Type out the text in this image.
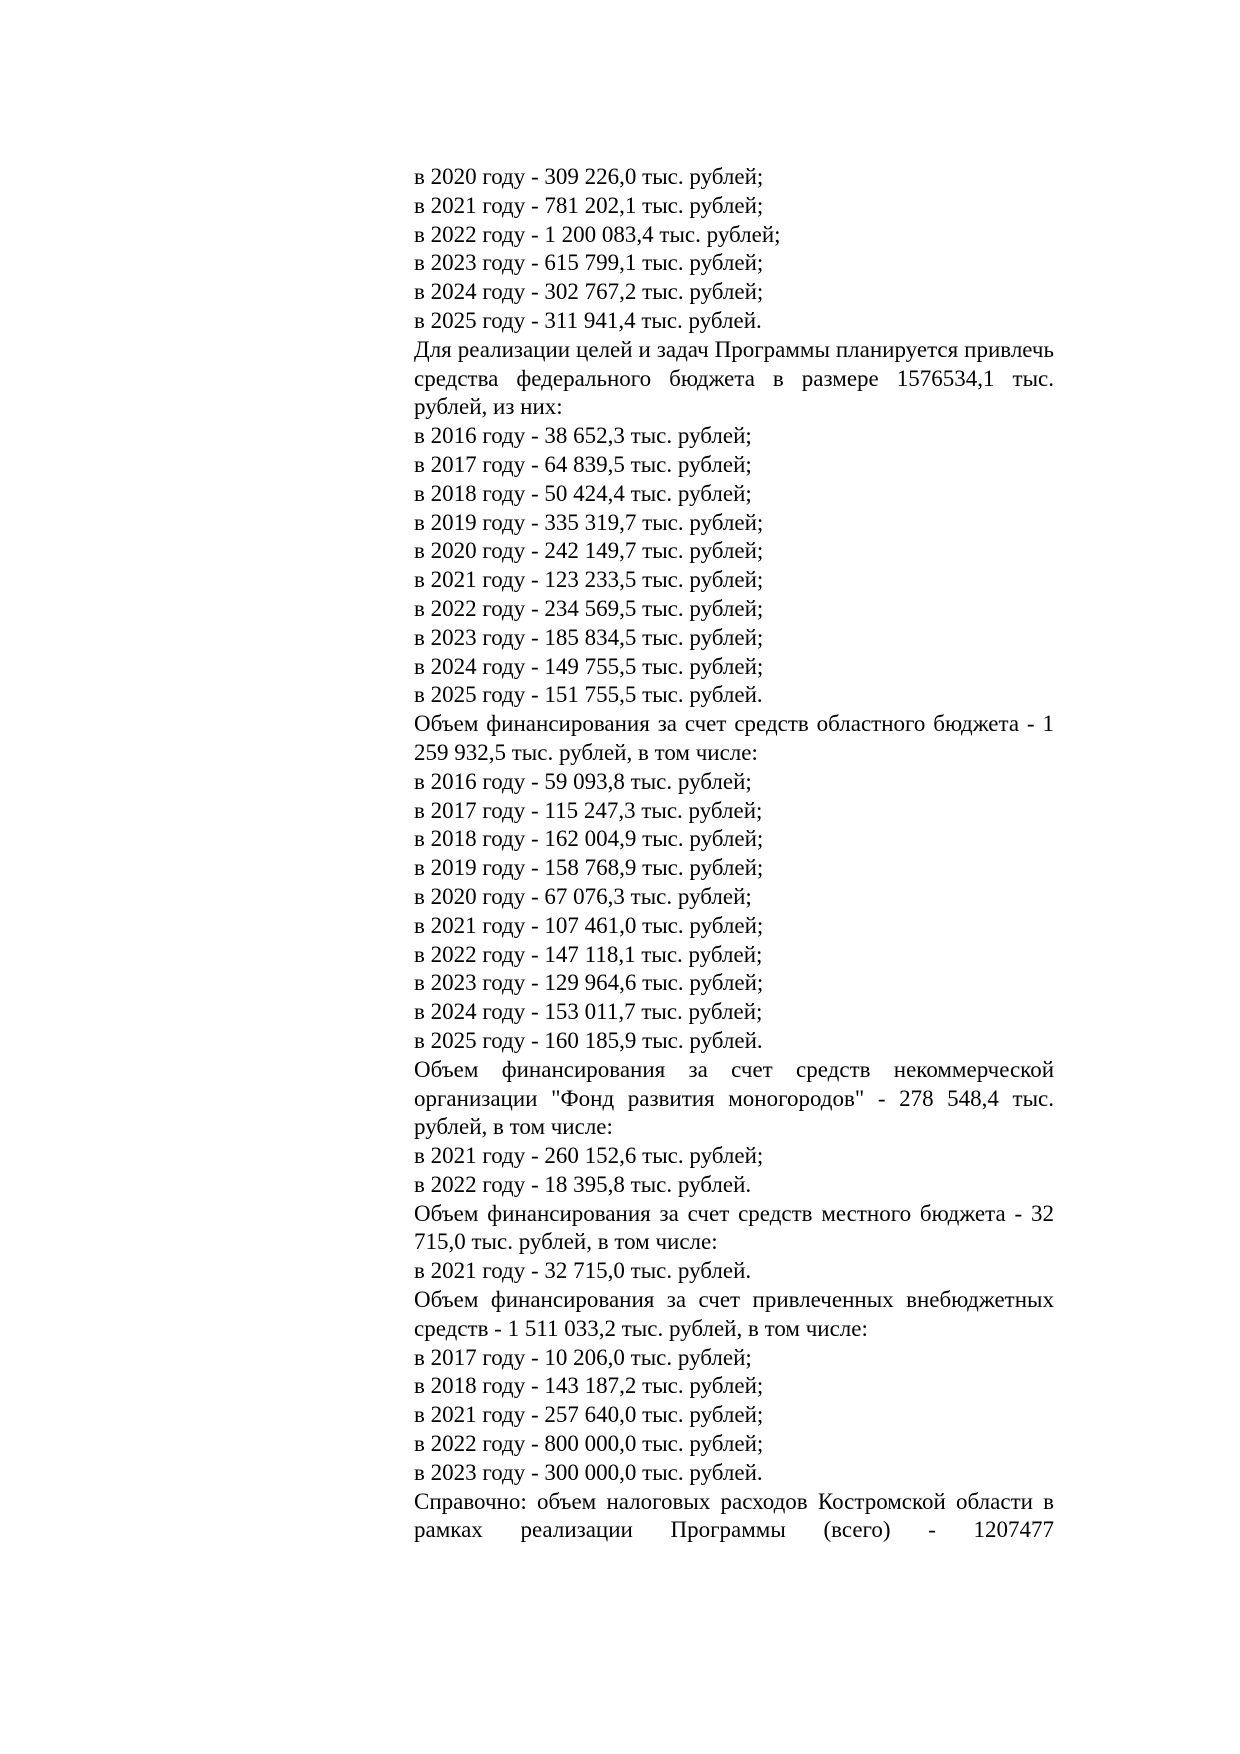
в 2020 году - 309 226,0 тыс. рублей;
в 2021 году - 781 202,1 тыс. рублей;
в 2022 году - 1 200 083,4 тыс. рублей;
в 2023 году - 615 799,1 тыс. рублей;
в 2024 году - 302 767,2 тыс. рублей;
в 2025 году - 311 941,4 тыс. рублей.
Для реализации целей и задач Программы планируется привлечь средства федерального бюджета в размере 1576534,1 тыс. рублей, из них:
в 2016 году - 38 652,3 тыс. рублей;
в 2017 году - 64 839,5 тыс. рублей;
в 2018 году - 50 424,4 тыс. рублей;
в 2019 году - 335 319,7 тыс. рублей;
в 2020 году - 242 149,7 тыс. рублей;
в 2021 году - 123 233,5 тыс. рублей;
в 2022 году - 234 569,5 тыс. рублей;
в 2023 году - 185 834,5 тыс. рублей;
в 2024 году - 149 755,5 тыс. рублей;
в 2025 году - 151 755,5 тыс. рублей.
Объем финансирования за счет средств областного бюджета - 1 259 932,5 тыс. рублей, в том числе:
в 2016 году - 59 093,8 тыс. рублей;
в 2017 году - 115 247,3 тыс. рублей;
в 2018 году - 162 004,9 тыс. рублей;
в 2019 году - 158 768,9 тыс. рублей;
в 2020 году - 67 076,3 тыс. рублей;
в 2021 году - 107 461,0 тыс. рублей;
в 2022 году - 147 118,1 тыс. рублей;
в 2023 году - 129 964,6 тыс. рублей;
в 2024 году - 153 011,7 тыс. рублей;
в 2025 году - 160 185,9 тыс. рублей.
Объем финансирования за счет средств некоммерческой организации "Фонд развития моногородов" - 278 548,4 тыс. рублей, в том числе:
в 2021 году - 260 152,6 тыс. рублей;
в 2022 году - 18 395,8 тыс. рублей.
Объем финансирования за счет средств местного бюджета - 32 715,0 тыс. рублей, в том числе:
в 2021 году - 32 715,0 тыс. рублей.
Объем финансирования за счет привлеченных внебюджетных средств - 1 511 033,2 тыс. рублей, в том числе:
в 2017 году - 10 206,0 тыс. рублей;
в 2018 году - 143 187,2 тыс. рублей;
в 2021 году - 257 640,0 тыс. рублей;
в 2022 году - 800 000,0 тыс. рублей;
в 2023 году - 300 000,0 тыс. рублей.
Справочно: объем налоговых расходов Костромской области в рамках реализации Программы (всего) - 1207477
